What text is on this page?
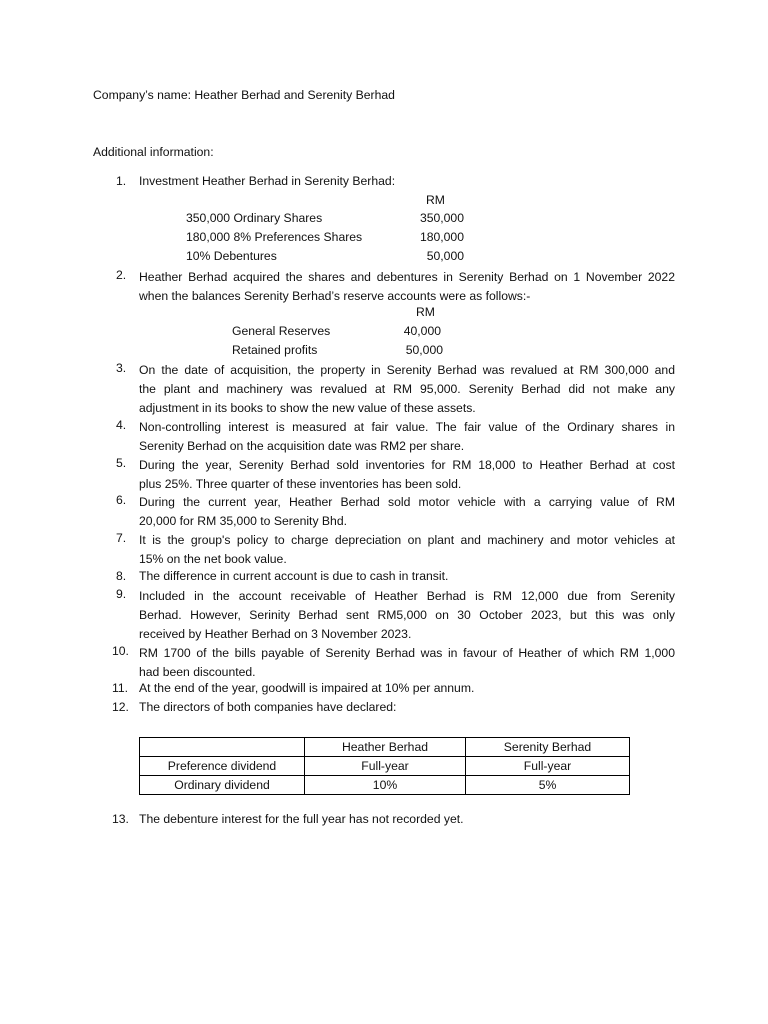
Company’s name: Heather Berhad and Serenity Berhad
Additional information:
1. Investment Heather Berhad in Serenity Berhad:
RM
350,000 Ordinary Shares	350,000
180,000 8% Preferences Shares	180,000
10% Debentures	50,000
2. Heather Berhad acquired the shares and debentures in Serenity Berhad on 1 November 2022
when the balances Serenity Berhad’s reserve accounts were as follows:-
RM
General Reserves	40,000
Retained profits	50,000
3. On the date of acquisition, the property in Serenity Berhad was revalued at RM 300,000 and
the plant and machinery was revalued at RM 95,000. Serenity Berhad did not make any
adjustment in its books to show the new value of these assets.
4. Non-controlling interest is measured at fair value. The fair value of the Ordinary shares in
Serenity Berhad on the acquisition date was RM2 per share.
5. During the year, Serenity Berhad sold inventories for RM 18,000 to Heather Berhad at cost
plus 25%. Three quarter of these inventories has been sold.
6. During the current year, Heather Berhad sold motor vehicle with a carrying value of RM
20,000 for RM 35,000 to Serenity Bhd.
7. It is the group's policy to charge depreciation on plant and machinery and motor vehicles at
15% on the net book value.
8. The difference in current account is due to cash in transit.
9. Included in the account receivable of Heather Berhad is RM 12,000 due from Serenity
Berhad. However, Serinity Berhad sent RM5,000 on 30 October 2023, but this was only
received by Heather Berhad on 3 November 2023.
10. RM 1700 of the bills payable of Serenity Berhad was in favour of Heather of which RM 1,000
had been discounted.
11. At the end of the year, goodwill is impaired at 10% per annum.
12. The directors of both companies have declared:
	Heather Berhad	Serenity Berhad
Preference dividend	Full-year	Full-year
Ordinary dividend	10%	5%
13. The debenture interest for the full year has not recorded yet.
